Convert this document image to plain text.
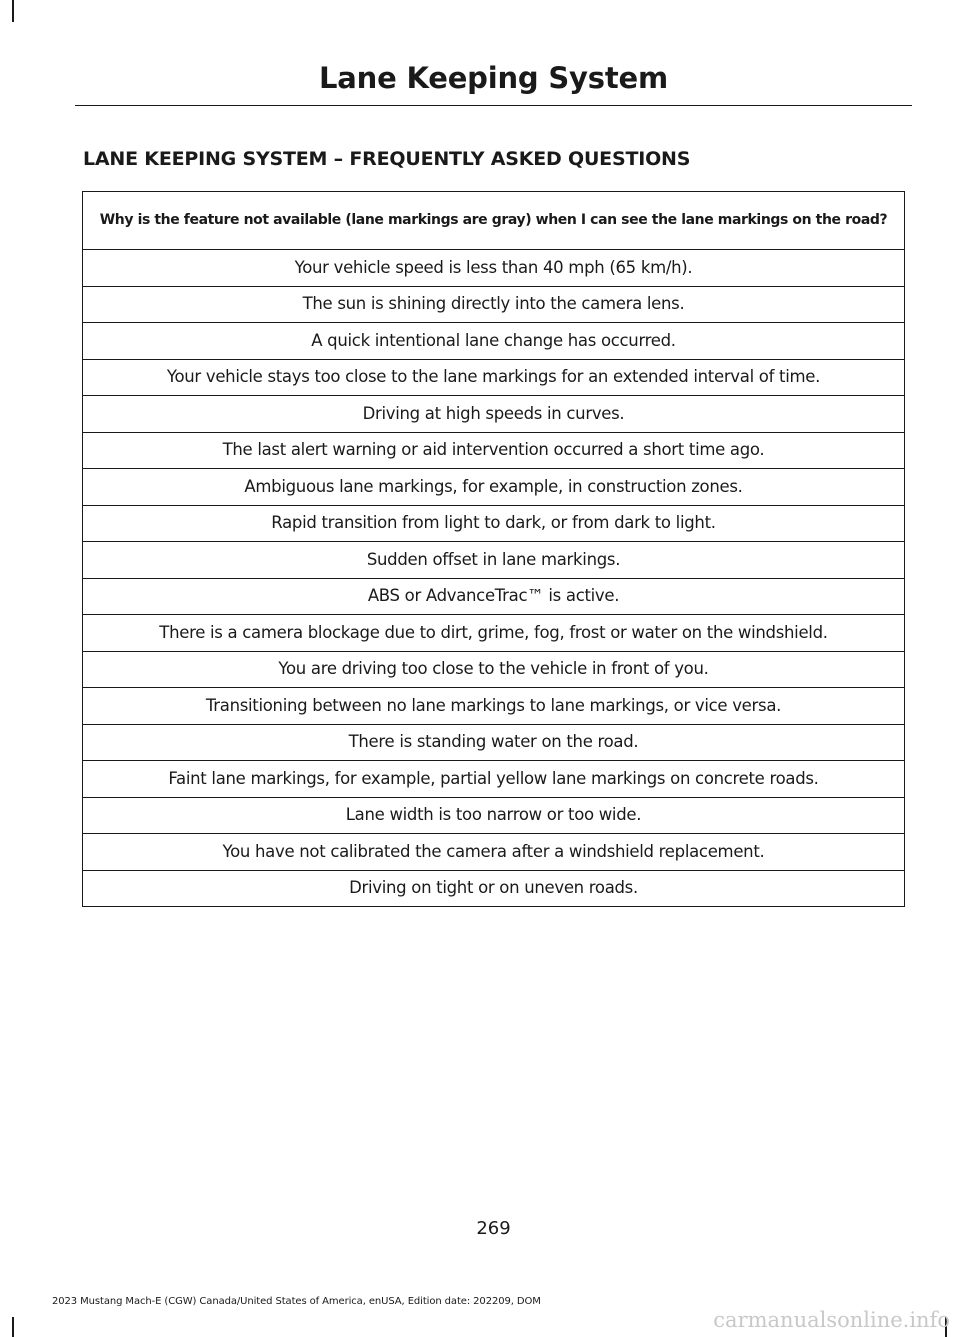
Lane Keeping System
LANE KEEPING SYSTEM – FREQUENTLY ASKED QUESTIONS
Why is the feature not available (lane markings are gray) when I can see the lane markings on the road?
Your vehicle speed is less than 40 mph (65 km/h).
The sun is shining directly into the camera lens.
A quick intentional lane change has occurred.
Your vehicle stays too close to the lane markings for an extended interval of time.
Driving at high speeds in curves.
The last alert warning or aid intervention occurred a short time ago.
Ambiguous lane markings, for example, in construction zones.
Rapid transition from light to dark, or from dark to light.
Sudden offset in lane markings.
ABS or AdvanceTrac™ is active.
There is a camera blockage due to dirt, grime, fog, frost or water on the windshield.
You are driving too close to the vehicle in front of you.
Transitioning between no lane markings to lane markings, or vice versa.
There is standing water on the road.
Faint lane markings, for example, partial yellow lane markings on concrete roads.
Lane width is too narrow or too wide.
You have not calibrated the camera after a windshield replacement.
Driving on tight or on uneven roads.
269
2023 Mustang Mach-E (CGW) Canada/United States of America, enUSA, Edition date: 202209, DOM
carmanualsonline.info
